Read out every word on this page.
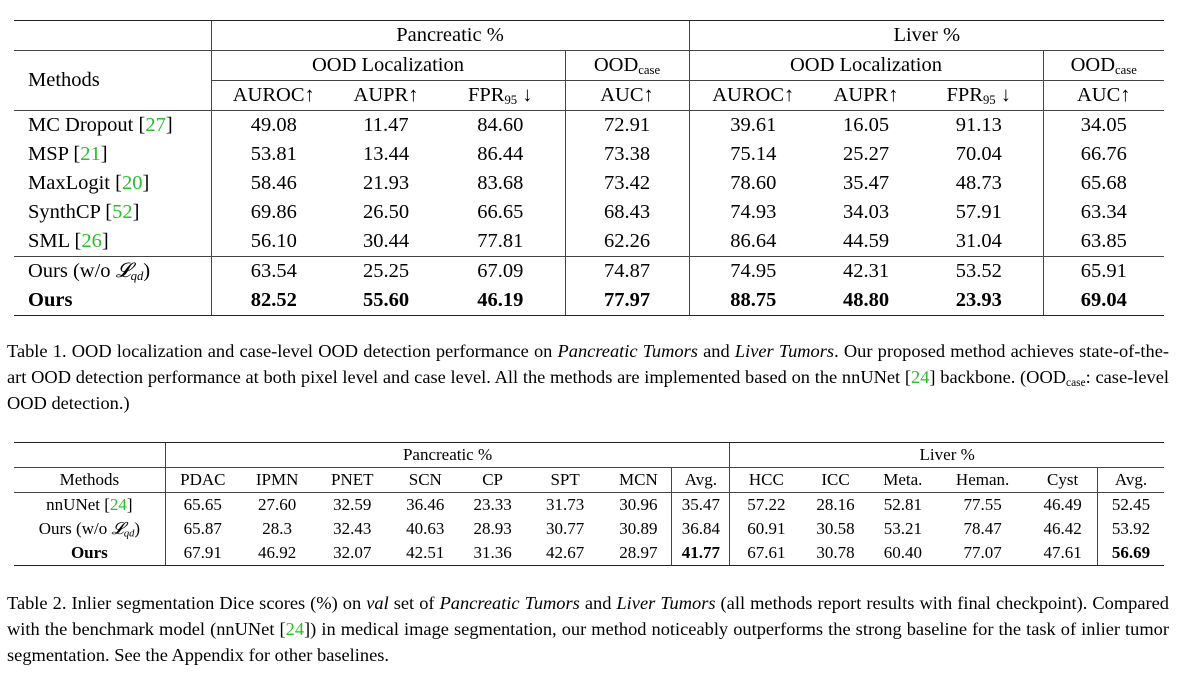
	Pancreatic %				Liver %			
Methods	OOD Localization			$OOD_{case}$	OOD Localization			$OOD_{case}$
	AUROC↑	AUPR↑	$FPR_{95}$ ↓	AUC↑	AUROC↑	AUPR↑	$FPR_{95}$ ↓	AUC↑
MC Dropout [27]	49.08	11.47	84.60	72.91	39.61	16.05	91.13	34.05
MSP [21]	53.81	13.44	86.44	73.38	75.14	25.27	70.04	66.76
MaxLogit [20]	58.46	21.93	83.68	73.42	78.60	35.47	48.73	65.68
SynthCP [52]	69.86	26.50	66.65	68.43	74.93	34.03	57.91	63.34
SML [26]	56.10	30.44	77.81	62.26	86.64	44.59	31.04	63.85
Ours (w/o 𝓛$_{qd}$)	63.54	25.25	67.09	74.87	74.95	42.31	53.52	65.91
Ours	82.52	55.60	46.19	77.97	88.75	48.80	23.93	69.04
Table 1. OOD localization and case-level OOD detection performance on Pancreatic Tumors and Liver Tumors. Our proposed method achieves state-of-the-art OOD detection performance at both pixel level and case level. All the methods are implemented based on the nnUNet [24] backbone. ($OOD_{case}$: case-level OOD detection.)
	Pancreatic %								Liver %					
Methods	PDAC	IPMN	PNET	SCN	CP	SPT	MCN	Avg.	HCC	ICC	Meta.	Heman.	Cyst	Avg.
nnUNet [24]	65.65	27.60	32.59	36.46	23.33	31.73	30.96	35.47	57.22	28.16	52.81	77.55	46.49	52.45
Ours (w/o 𝓛$_{qd}$)	65.87	28.3	32.43	40.63	28.93	30.77	30.89	36.84	60.91	30.58	53.21	78.47	46.42	53.92
Ours	67.91	46.92	32.07	42.51	31.36	42.67	28.97	41.77	67.61	30.78	60.40	77.07	47.61	56.69
Table 2. Inlier segmentation Dice scores (%) on val set of Pancreatic Tumors and Liver Tumors (all methods report results with final checkpoint). Compared with the benchmark model (nnUNet [24]) in medical image segmentation, our method noticeably outperforms the strong baseline for the task of inlier tumor segmentation. See the Appendix for other baselines.
